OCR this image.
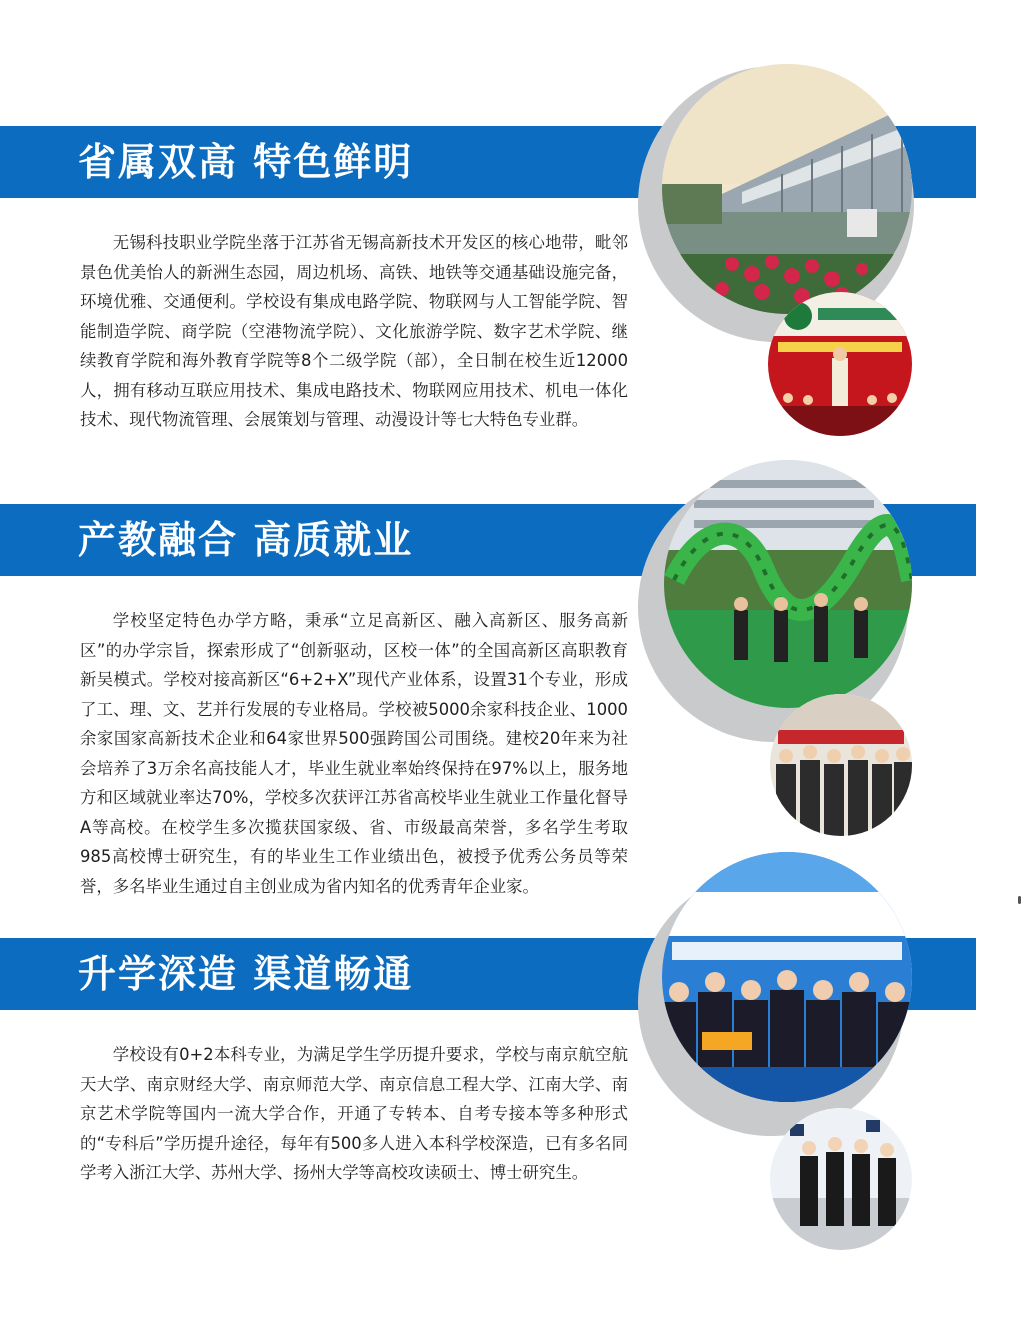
省属双高 特色鲜明

无锡科技职业学院坐落于江苏省无锡高新技术开发区的核心地带，毗邻景色优美怡人的新洲生态园，周边机场、高铁、地铁等交通基础设施完备，环境优雅、交通便利。学校设有集成电路学院、物联网与人工智能学院、智能制造学院、商学院（空港物流学院）、文化旅游学院、数字艺术学院、继续教育学院和海外教育学院等8个二级学院（部），全日制在校生近12000人，拥有移动互联应用技术、集成电路技术、物联网应用技术、机电一体化技术、现代物流管理、会展策划与管理、动漫设计等七大特色专业群。

产教融合 高质就业

学校坚定特色办学方略，秉承“立足高新区、融入高新区、服务高新区”的办学宗旨，探索形成了“创新驱动，区校一体”的全国高新区高职教育新吴模式。学校对接高新区“6+2+X”现代产业体系，设置31个专业，形成了工、理、文、艺并行发展的专业格局。学校被5000余家科技企业、1000余家国家高新技术企业和64家世界500强跨国公司围绕。建校20年来为社会培养了3万余名高技能人才，毕业生就业率始终保持在97%以上，服务地方和区域就业率达70%，学校多次获评江苏省高校毕业生就业工作量化督导A等高校。在校学生多次揽获国家级、省、市级最高荣誉，多名学生考取985高校博士研究生，有的毕业生工作业绩出色，被授予优秀公务员等荣誉，多名毕业生通过自主创业成为省内知名的优秀青年企业家。

升学深造 渠道畅通

学校设有0+2本科专业，为满足学生学历提升要求，学校与南京航空航天大学、南京财经大学、南京师范大学、南京信息工程大学、江南大学、南京艺术学院等国内一流大学合作，开通了专转本、自考专接本等多种形式的“专科后”学历提升途径，每年有500多人进入本科学校深造，已有多名同学考入浙江大学、苏州大学、扬州大学等高校攻读硕士、博士研究生。
